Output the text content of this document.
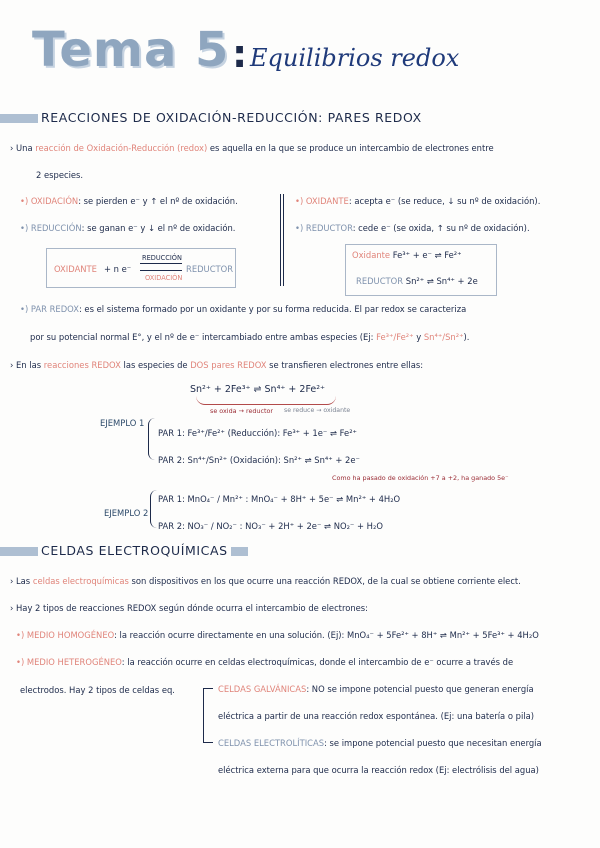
Tema 5 : Equilibrios redox
REACCIONES DE OXIDACIÓN-REDUCCIÓN: PARES REDOX
› Una reacción de Oxidación-Reducción (redox) es aquella en la que se produce un intercambio de electrones entre
2 especies.
•) OXIDACIÓN: se pierden e⁻ y ↑ el nº de oxidación.
•) REDUCCIÓN: se ganan e⁻ y ↓ el nº de oxidación.
•) OXIDANTE: acepta e⁻ (se reduce, ↓ su nº de oxidación).
•) REDUCTOR: cede e⁻ (se oxida, ↑ su nº de oxidación).
OXIDANTE + n e⁻	REDUCTOR
REDUCCIÓN
OXIDACIÓN
Oxidante Fe³⁺ + e⁻ ⇌ Fe²⁺
REDUCTOR Sn²⁺ ⇌ Sn⁴⁺ + 2e
•) PAR REDOX: es el sistema formado por un oxidante y por su forma reducida. El par redox se caracteriza
por su potencial normal E°, y el nº de e⁻ intercambiado entre ambas especies (Ej: Fe³⁺/Fe²⁺ y Sn⁴⁺/Sn²⁺).
› En las reacciones REDOX las especies de DOS pares REDOX se transfieren electrones entre ellas:
Sn²⁺ + 2Fe³⁺ ⇌ Sn⁴⁺ + 2Fe²⁺
se oxida → reductor se reduce → oxidante
EJEMPLO 1
PAR 1: Fe³⁺/Fe²⁺ (Reducción): Fe³⁺ + 1e⁻ ⇌ Fe²⁺
PAR 2: Sn⁴⁺/Sn²⁺ (Oxidación): Sn²⁺ ⇌ Sn⁴⁺ + 2e⁻
Como ha pasado de oxidación +7 a +2, ha ganado 5e⁻
EJEMPLO 2
PAR 1: MnO₄⁻ / Mn²⁺ : MnO₄⁻ + 8H⁺ + 5e⁻ ⇌ Mn²⁺ + 4H₂O
PAR 2: NO₃⁻ / NO₂⁻ : NO₃⁻ + 2H⁺ + 2e⁻ ⇌ NO₂⁻ + H₂O
CELDAS ELECTROQUÍMICAS
› Las celdas electroquímicas son dispositivos en los que ocurre una reacción REDOX, de la cual se obtiene corriente elect.
› Hay 2 tipos de reacciones REDOX según dónde ocurra el intercambio de electrones:
•) MEDIO HOMOGÉNEO: la reacción ocurre directamente en una solución. (Ej): MnO₄⁻ + 5Fe²⁺ + 8H⁺ ⇌ Mn²⁺ + 5Fe³⁺ + 4H₂O
•) MEDIO HETEROGÉNEO: la reacción ocurre en celdas electroquímicas, donde el intercambio de e⁻ ocurre a través de
electrodos. Hay 2 tipos de celdas eq.	CELDAS GALVÁNICAS: NO se impone potencial puesto que generan energía
eléctrica a partir de una reacción redox espontánea. (Ej: una batería o pila)
CELDAS ELECTROLÍTICAS: se impone potencial puesto que necesitan energía
eléctrica externa para que ocurra la reacción redox (Ej: electrólisis del agua)
